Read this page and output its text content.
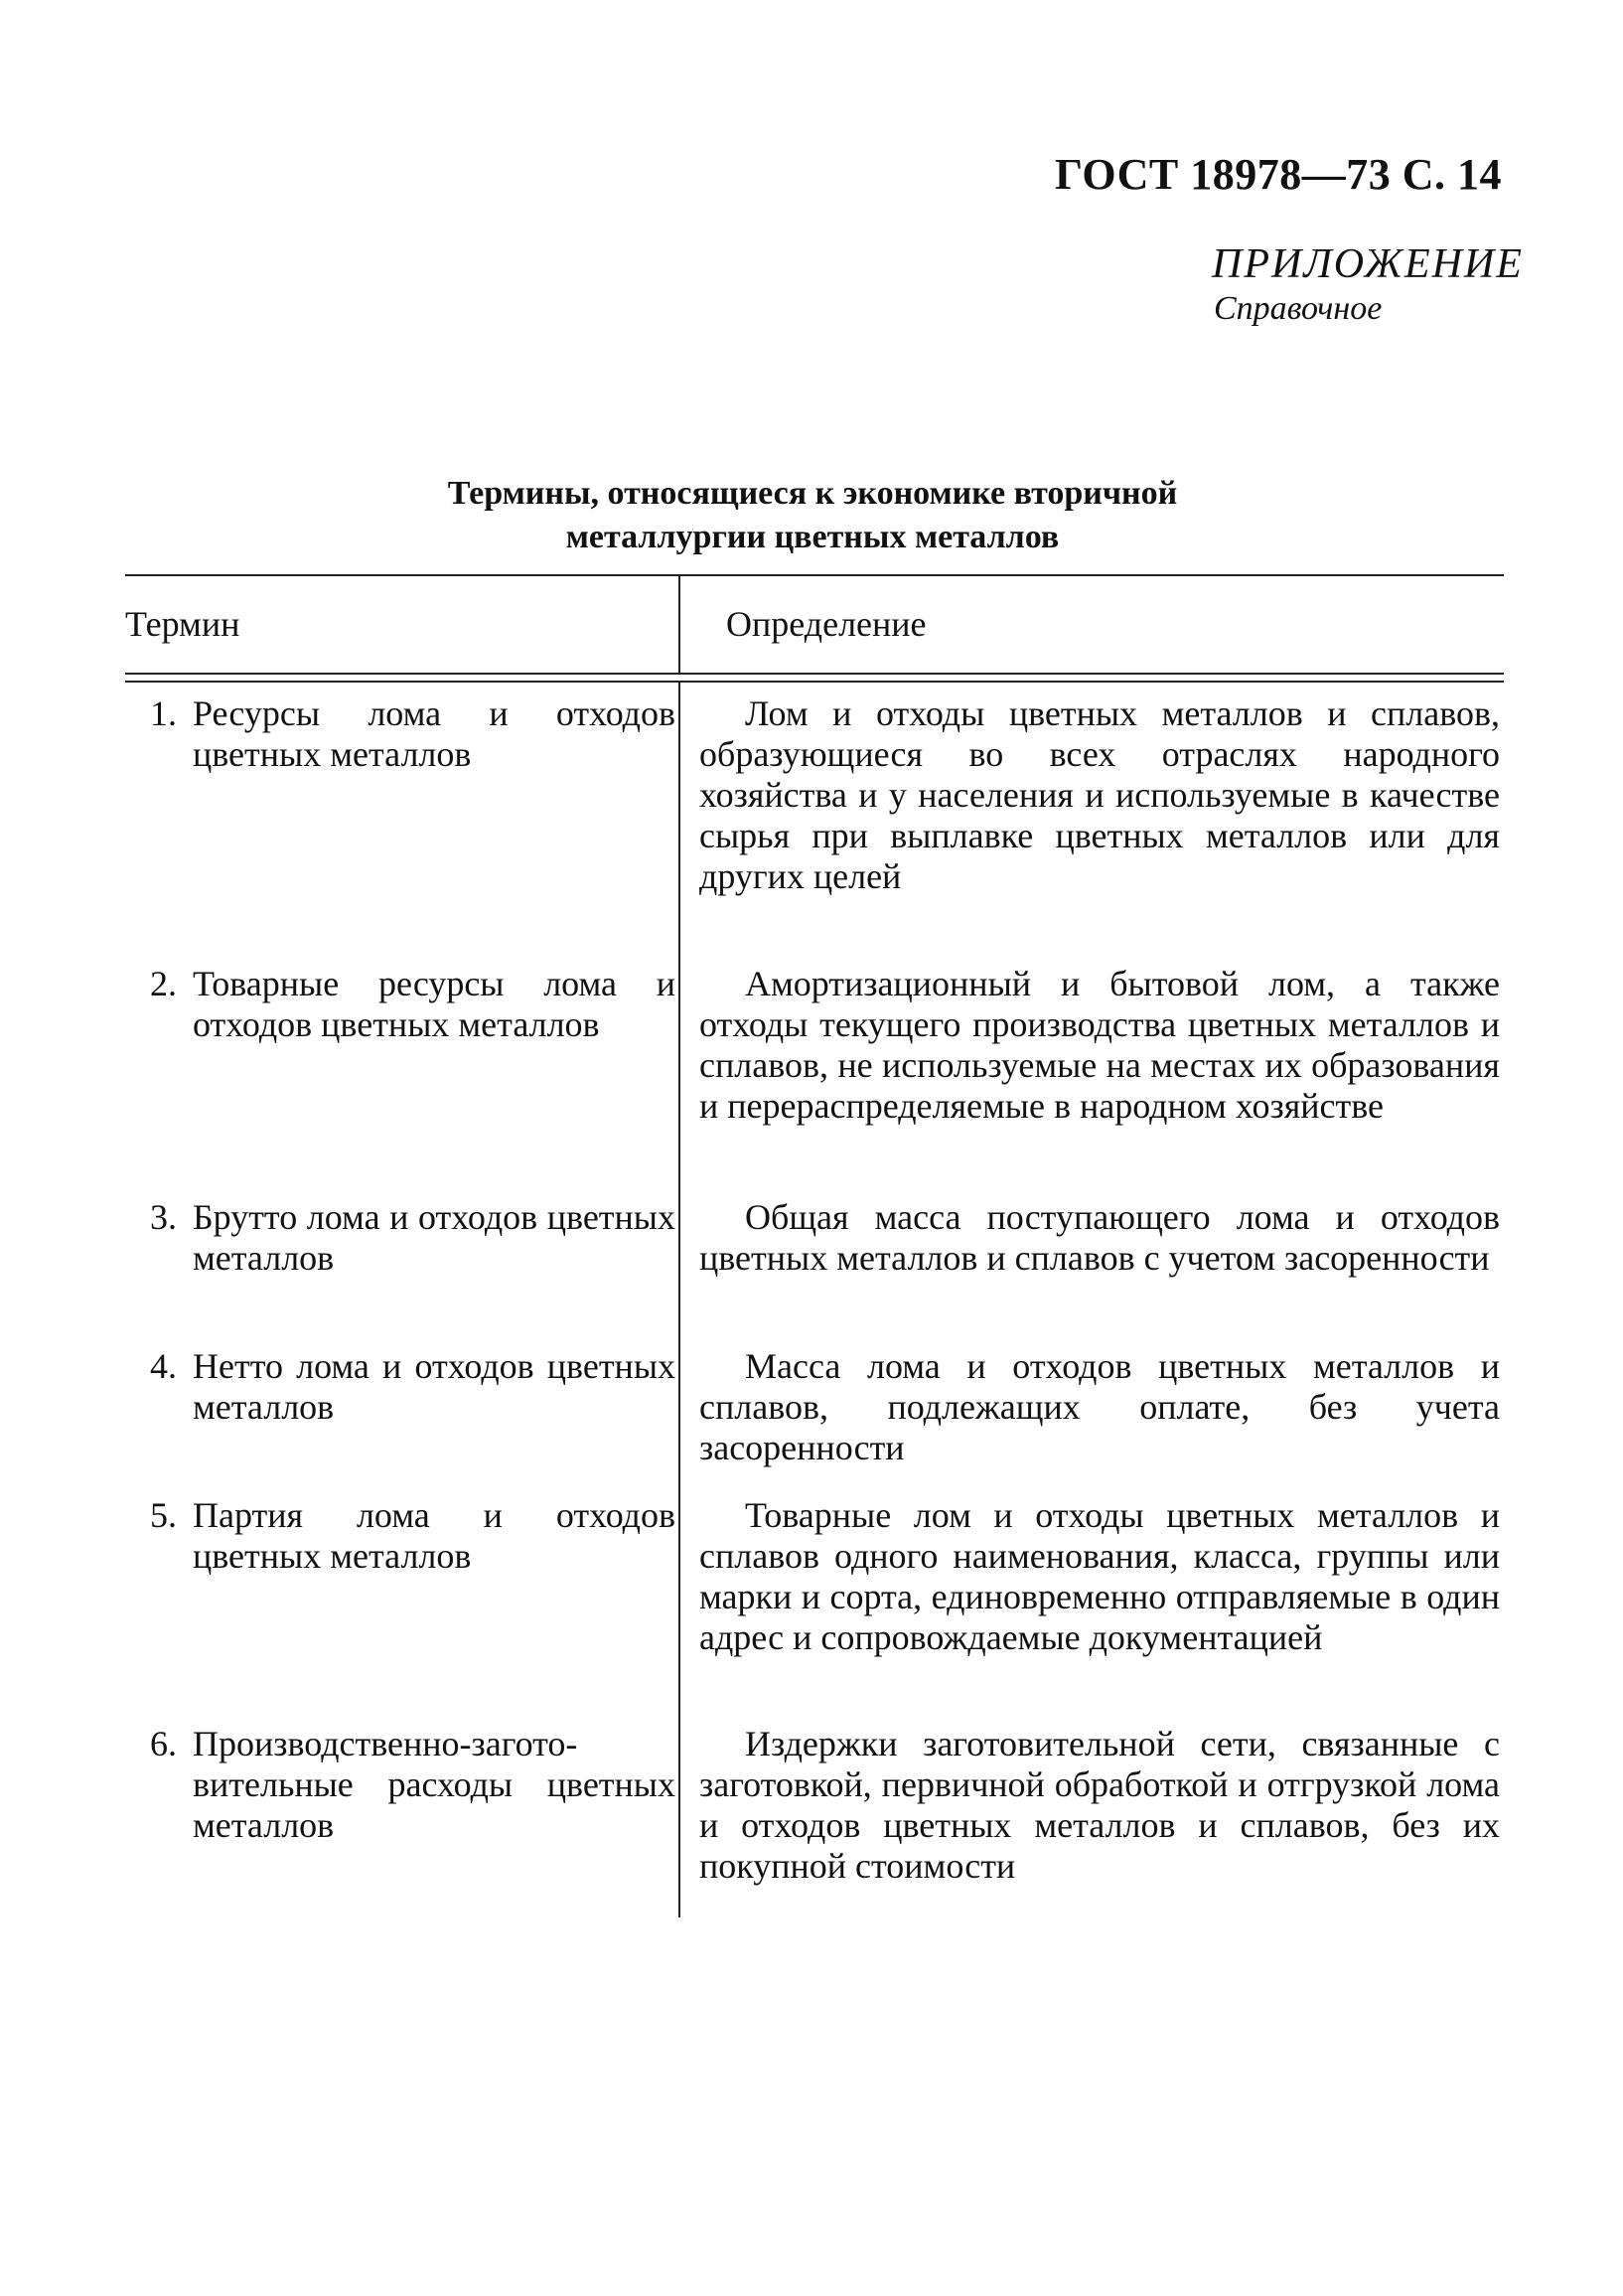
ГОСТ 18978—73 С. 14
ПРИЛОЖЕНИЕ
Справочное
Термины, относящиеся к экономике вторичной
металлургии цветных металлов
Термин	Определение
1. Ресурсы лома и отходов цветных металлов
Лом и отходы цветных металлов и сплавов, образующиеся во всех отраслях народного хозяйства и у населения и используемые в качестве сырья при выплавке цветных металлов или для других целей
2. Товарные ресурсы лома и отходов цветных металлов
Амортизационный и бытовой лом, а также отходы текущего производства цветных металлов и сплавов, не используемые на местах их образования и перераспределяемые в народном хозяйстве
3. Брутто лома и отходов цветных металлов
Общая масса поступающего лома и отходов цветных металлов и сплавов с учетом засоренности
4. Нетто лома и отходов цветных металлов
Масса лома и отходов цветных металлов и сплавов, подлежащих оплате, без учета засоренности
5. Партия лома и отходов цветных металлов
Товарные лом и отходы цветных металлов и сплавов одного наименования, класса, группы или марки и сорта, единовременно отправляемые в один адрес и сопровождаемые документацией
6. Производственно-заготовительные расходы цветных металлов
Издержки заготовительной сети, связанные с заготовкой, первичной обработкой и отгрузкой лома и отходов цветных металлов и сплавов, без их покупной стоимости
